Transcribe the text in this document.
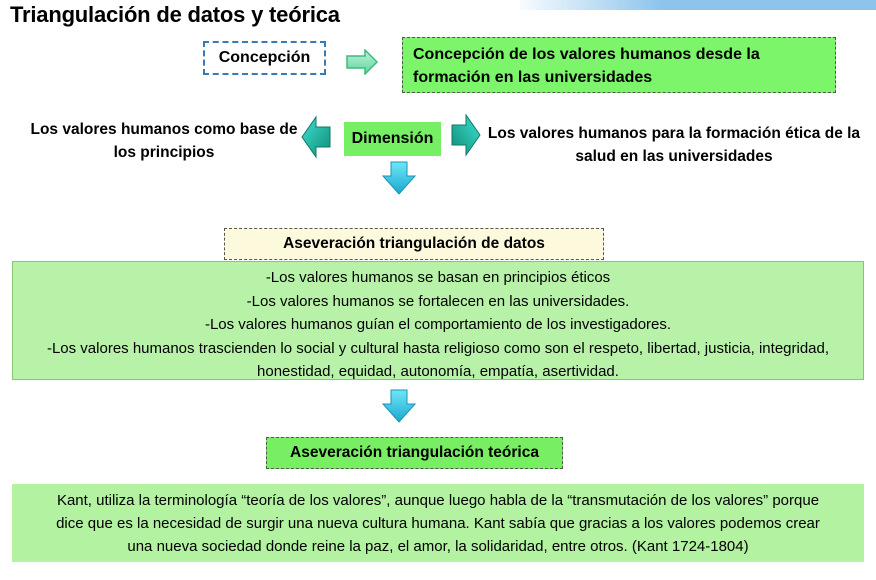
Triangulación de datos y teórica
Concepción	Concepción de los valores humanos desde la formación en las universidades
Los valores humanos como base de los principios
Dimensión	Los valores humanos para la formación ética de la salud en las universidades
Aseveración triangulación de datos
-Los valores humanos se basan en principios éticos
-Los valores humanos se fortalecen en las universidades.
-Los valores humanos guían el comportamiento de los investigadores.
-Los valores humanos trascienden lo social y cultural hasta religioso como son el respeto, libertad, justicia, integridad,
honestidad, equidad, autonomía, empatía, asertividad.
Aseveración triangulación teórica
Kant, utiliza la terminología “teoría de los valores”, aunque luego habla de la “transmutación de los valores” porque
dice que es la necesidad de surgir una nueva cultura humana. Kant sabía que gracias a los valores podemos crear
una nueva sociedad donde reine la paz, el amor, la solidaridad, entre otros. (Kant 1724-1804)
